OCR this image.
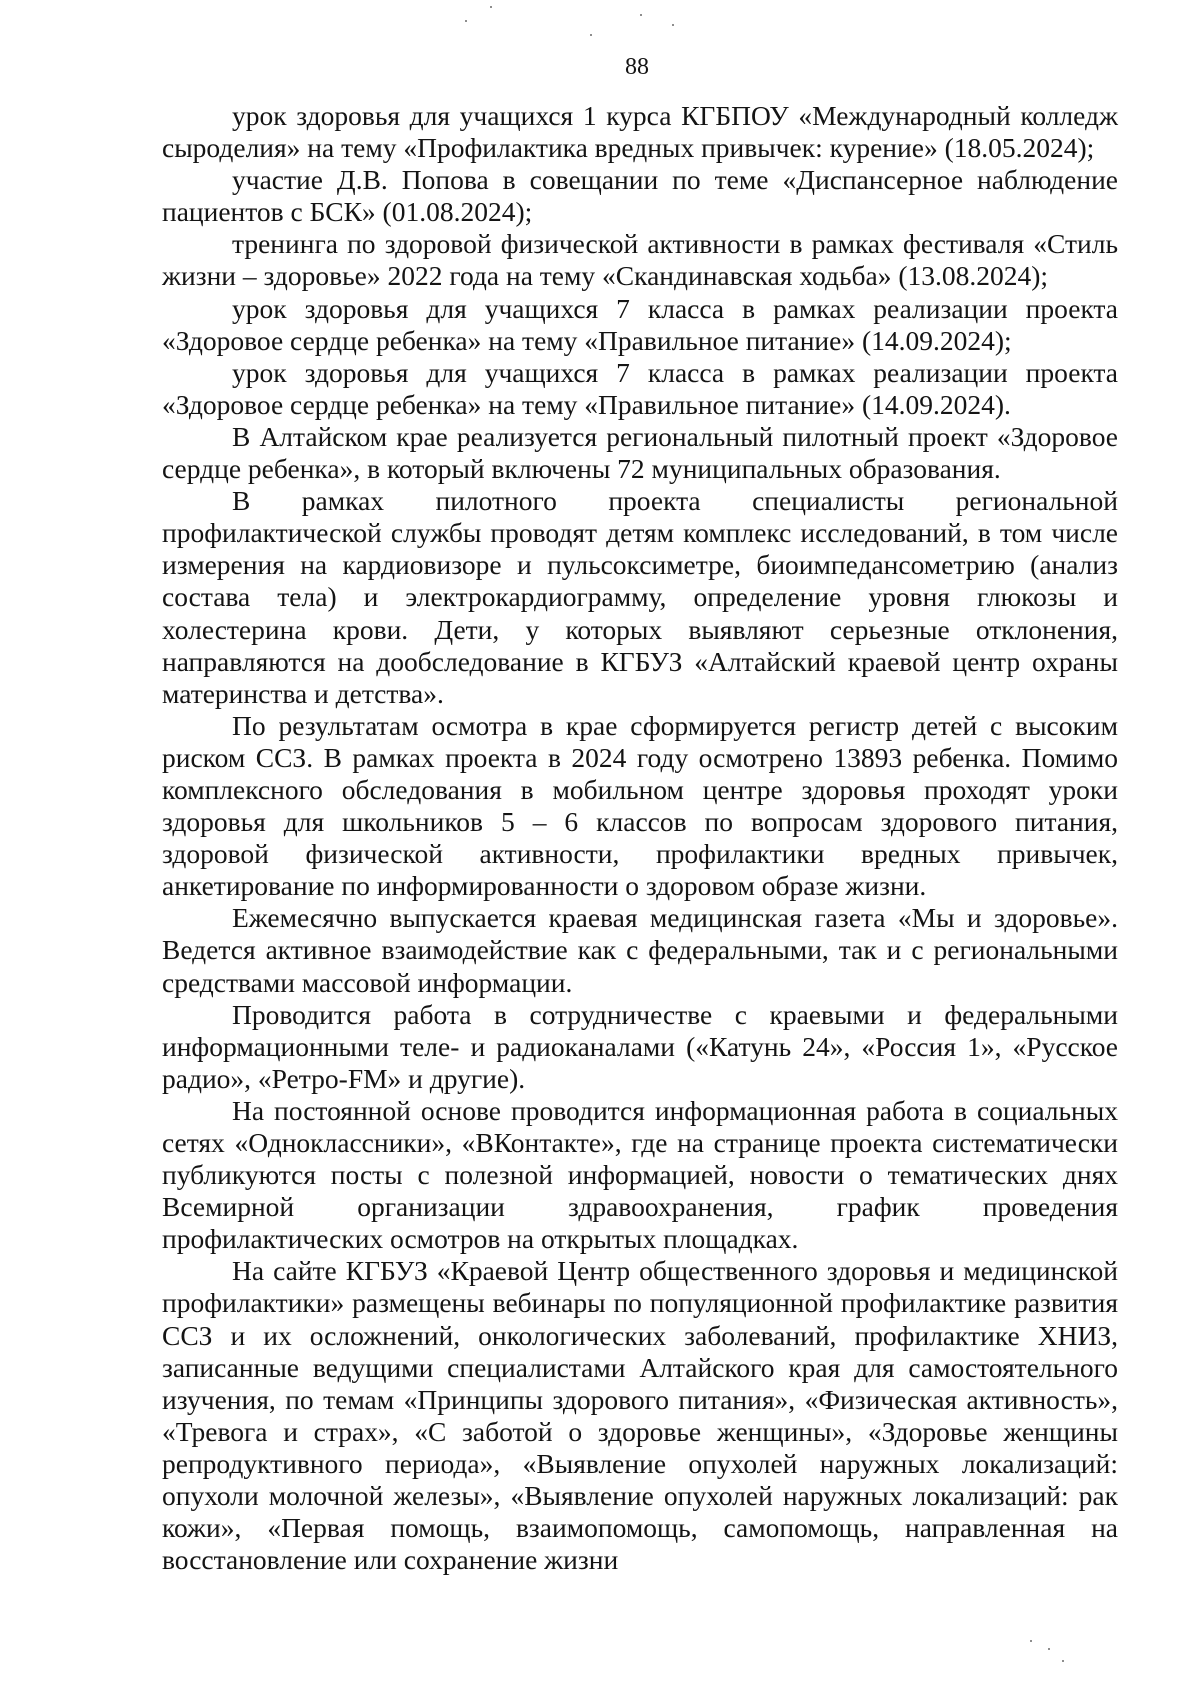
88

урок здоровья для учащихся 1 курса КГБПОУ «Международный колледж сыроделия» на тему «Профилактика вредных привычек: курение» (18.05.2024);

участие Д.В. Попова в совещании по теме «Диспансерное наблюдение пациентов с БСК» (01.08.2024);

тренинга по здоровой физической активности в рамках фестиваля «Стиль жизни – здоровье» 2022 года на тему «Скандинавская ходьба» (13.08.2024);

урок здоровья для учащихся 7 класса в рамках реализации проекта «Здоровое сердце ребенка» на тему «Правильное питание» (14.09.2024);

урок здоровья для учащихся 7 класса в рамках реализации проекта «Здоровое сердце ребенка» на тему «Правильное питание» (14.09.2024).

В Алтайском крае реализуется региональный пилотный проект «Здоровое сердце ребенка», в который включены 72 муниципальных образования.

В рамках пилотного проекта специалисты региональной профилактической службы проводят детям комплекс исследований, в том числе измерения на кардиовизоре и пульсоксиметре, биоимпедансометрию (анализ состава тела) и электрокардиограмму, определение уровня глюкозы и холестерина крови. Дети, у которых выявляют серьезные отклонения, направляются на дообследование в КГБУЗ «Алтайский краевой центр охраны материнства и детства».

По результатам осмотра в крае сформируется регистр детей с высоким риском ССЗ. В рамках проекта в 2024 году осмотрено 13893 ребенка. Помимо комплексного обследования в мобильном центре здоровья проходят уроки здоровья для школьников 5 – 6 классов по вопросам здорового питания, здоровой физической активности, профилактики вредных привычек, анкетирование по информированности о здоровом образе жизни.

Ежемесячно выпускается краевая медицинская газета «Мы и здоровье». Ведется активное взаимодействие как с федеральными, так и с региональными средствами массовой информации.

Проводится работа в сотрудничестве с краевыми и федеральными информационными теле- и радиоканалами («Катунь 24», «Россия 1», «Русское радио», «Ретро-FM» и другие).

На постоянной основе проводится информационная работа в социальных сетях «Одноклассники», «ВКонтакте», где на странице проекта систематически публикуются посты с полезной информацией, новости о тематических днях Всемирной организации здравоохранения, график проведения профилактических осмотров на открытых площадках.

На сайте КГБУЗ «Краевой Центр общественного здоровья и медицинской профилактики» размещены вебинары по популяционной профилактике развития ССЗ и их осложнений, онкологических заболеваний, профилактике ХНИЗ, записанные ведущими специалистами Алтайского края для самостоятельного изучения, по темам «Принципы здорового питания», «Физическая активность», «Тревога и страх», «С заботой о здоровье женщины», «Здоровье женщины репродуктивного периода», «Выявление опухолей наружных локализаций: опухоли молочной железы», «Выявление опухолей наружных локализаций: рак кожи», «Первая помощь, взаимопомощь, самопомощь, направленная на восстановление или сохранение жизни
